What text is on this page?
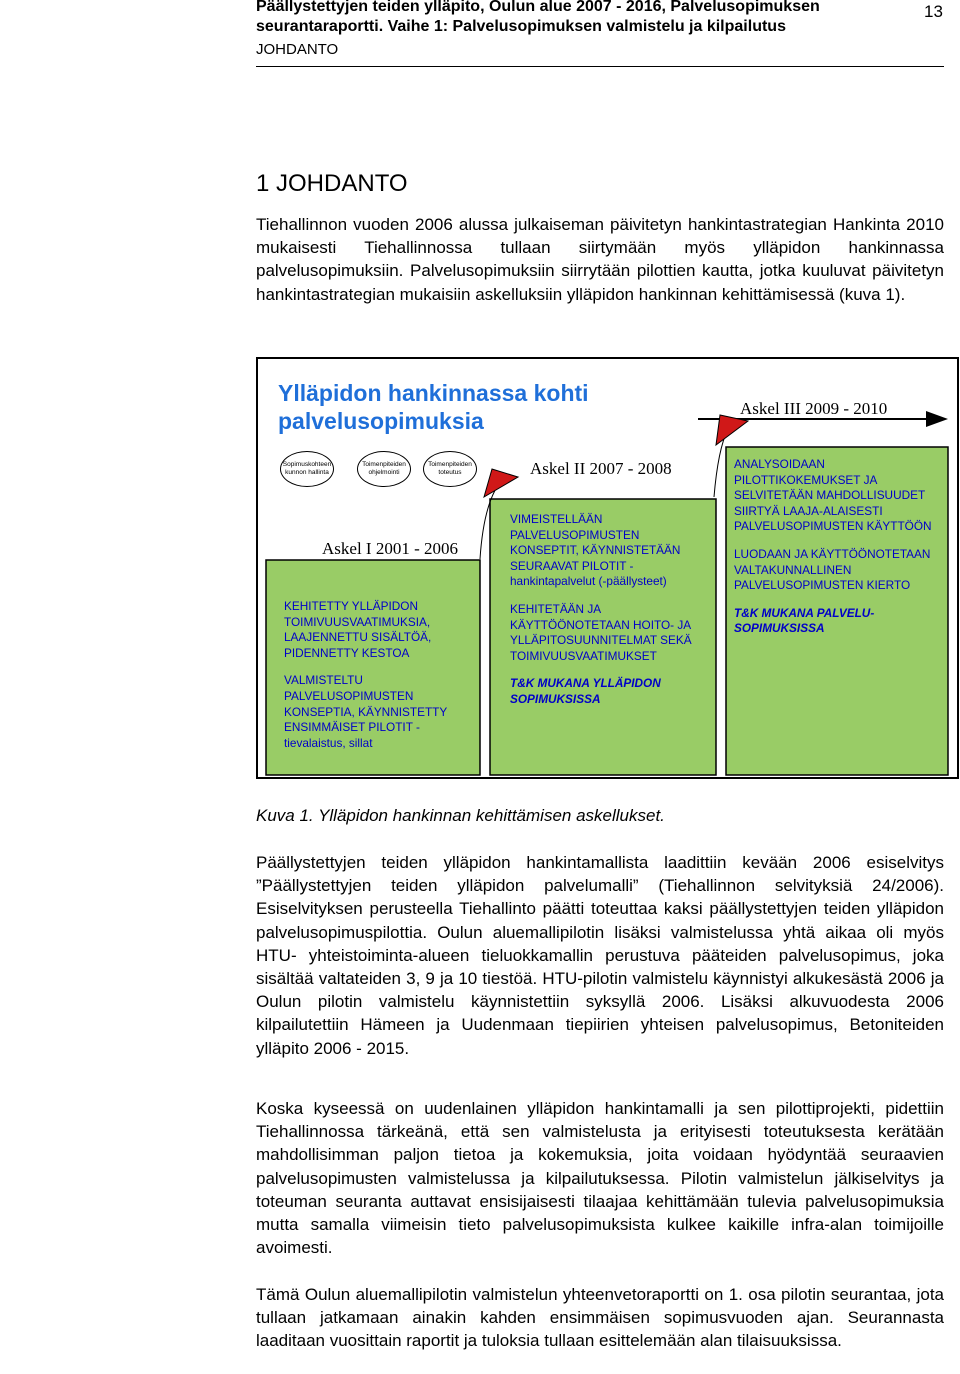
Päällystettyjen teiden ylläpito, Oulun alue 2007 - 2016, Palvelusopimuksen seurantaraportti. Vaihe 1: Palvelusopimuksen valmistelu ja kilpailutus
13
JOHDANTO
1 JOHDANTO
Tiehallinnon vuoden 2006 alussa julkaiseman päivitetyn hankintastrategian Hankinta 2010 mukaisesti Tiehallinnossa tullaan siirtymään myös ylläpidon hankinnassa palvelusopimuksiin. Palvelusopimuksiin siirrytään pilottien kautta, jotka kuuluvat päivitetyn hankintastrategian mukaisiin askelluksiin ylläpidon hankinnan kehittämisessä (kuva 1).
Ylläpidon hankinnassa kohti palvelusopimuksia	Askel III 2009 - 2010
Sopimuskohteen kunnon hallinta
Toimenpiteiden ohjelmointi
Toimenpiteiden toteutus	Askel II 2007 - 2008
Askel I 2001 - 2006

KEHITETTY YLLÄPIDON TOIMIVUUSVAATIMUKSIA, LAAJENNETTU SISÄLTÖÄ, PIDENNETTY KESTOA

VALMISTELTU PALVELUSOPIMUSTEN KONSEPTIA, KÄYNNISTETTY ENSIMMÄISET PILOTIT -tievalaistus, sillat

VIMEISTELLÄÄN PALVELUSOPIMUSTEN KONSEPTIT, KÄYNNISTETÄÄN SEURAAVAT PILOTIT -hankintapalvelut (-päällysteet)

KEHITETÄÄN JA KÄYTTÖÖNOTETAAN HOITO- JA YLLÄPITOSUUNNITELMAT SEKÄ TOIMIVUUSVAATIMUKSET

T&K MUKANA YLLÄPIDON SOPIMUKSISSA

ANALYSOIDAAN PILOTTIKOKEMUKSET JA SELVITETÄÄN MAHDOLLISUUDET SIIRTYÄ LAAJA-ALAISESTI PALVELUSOPIMUSTEN KÄYTTÖÖN

LUODAAN JA KÄYTTÖÖNOTETAAN VALTAKUNNALLINEN PALVELUSOPIMUSTEN KIERTO

T&K MUKANA PALVELU-SOPIMUKSISSA

Kuva 1. Ylläpidon hankinnan kehittämisen askellukset.
Päällystettyjen teiden ylläpidon hankintamallista laadittiin kevään 2006 esiselvitys ”Päällystettyjen teiden ylläpidon palvelumalli” (Tiehallinnon selvityksiä 24/2006). Esiselvityksen perusteella Tiehallinto päätti toteuttaa kaksi päällystettyjen teiden ylläpidon palvelusopimuspilottia. Oulun aluemallipilotin lisäksi valmistelussa yhtä aikaa oli myös HTU- yhteistoiminta-alueen tieluokkamallin perustuva pääteiden palvelusopimus, joka sisältää valtateiden 3, 9 ja 10 tiestöä. HTU-pilotin valmistelu käynnistyi alkukesästä 2006 ja Oulun pilotin valmistelu käynnistettiin syksyllä 2006. Lisäksi alkuvuodesta 2006 kilpailutettiin Hämeen ja Uudenmaan tiepiirien yhteisen palvelusopimus, Betoniteiden ylläpito 2006 - 2015.
Koska kyseessä on uudenlainen ylläpidon hankintamalli ja sen pilottiprojekti, pidettiin Tiehallinnossa tärkeänä, että sen valmistelusta ja erityisesti toteutuksesta kerätään mahdollisimman paljon tietoa ja kokemuksia, joita voidaan hyödyntää seuraavien palvelusopimusten valmistelussa ja kilpailutuksessa. Pilotin valmistelun jälkiselvitys ja toteuman seuranta auttavat ensisijaisesti tilaajaa kehittämään tulevia palvelusopimuksia mutta samalla viimeisin tieto palvelusopimuksista kulkee kaikille infra-alan toimijoille avoimesti.
Tämä Oulun aluemallipilotin valmistelun yhteenvetoraportti on 1. osa pilotin seurantaa, jota tullaan jatkamaan ainakin kahden ensimmäisen sopimusvuoden ajan. Seurannasta laaditaan vuosittain raportit ja tuloksia tullaan esittelemään alan tilaisuuksissa.
